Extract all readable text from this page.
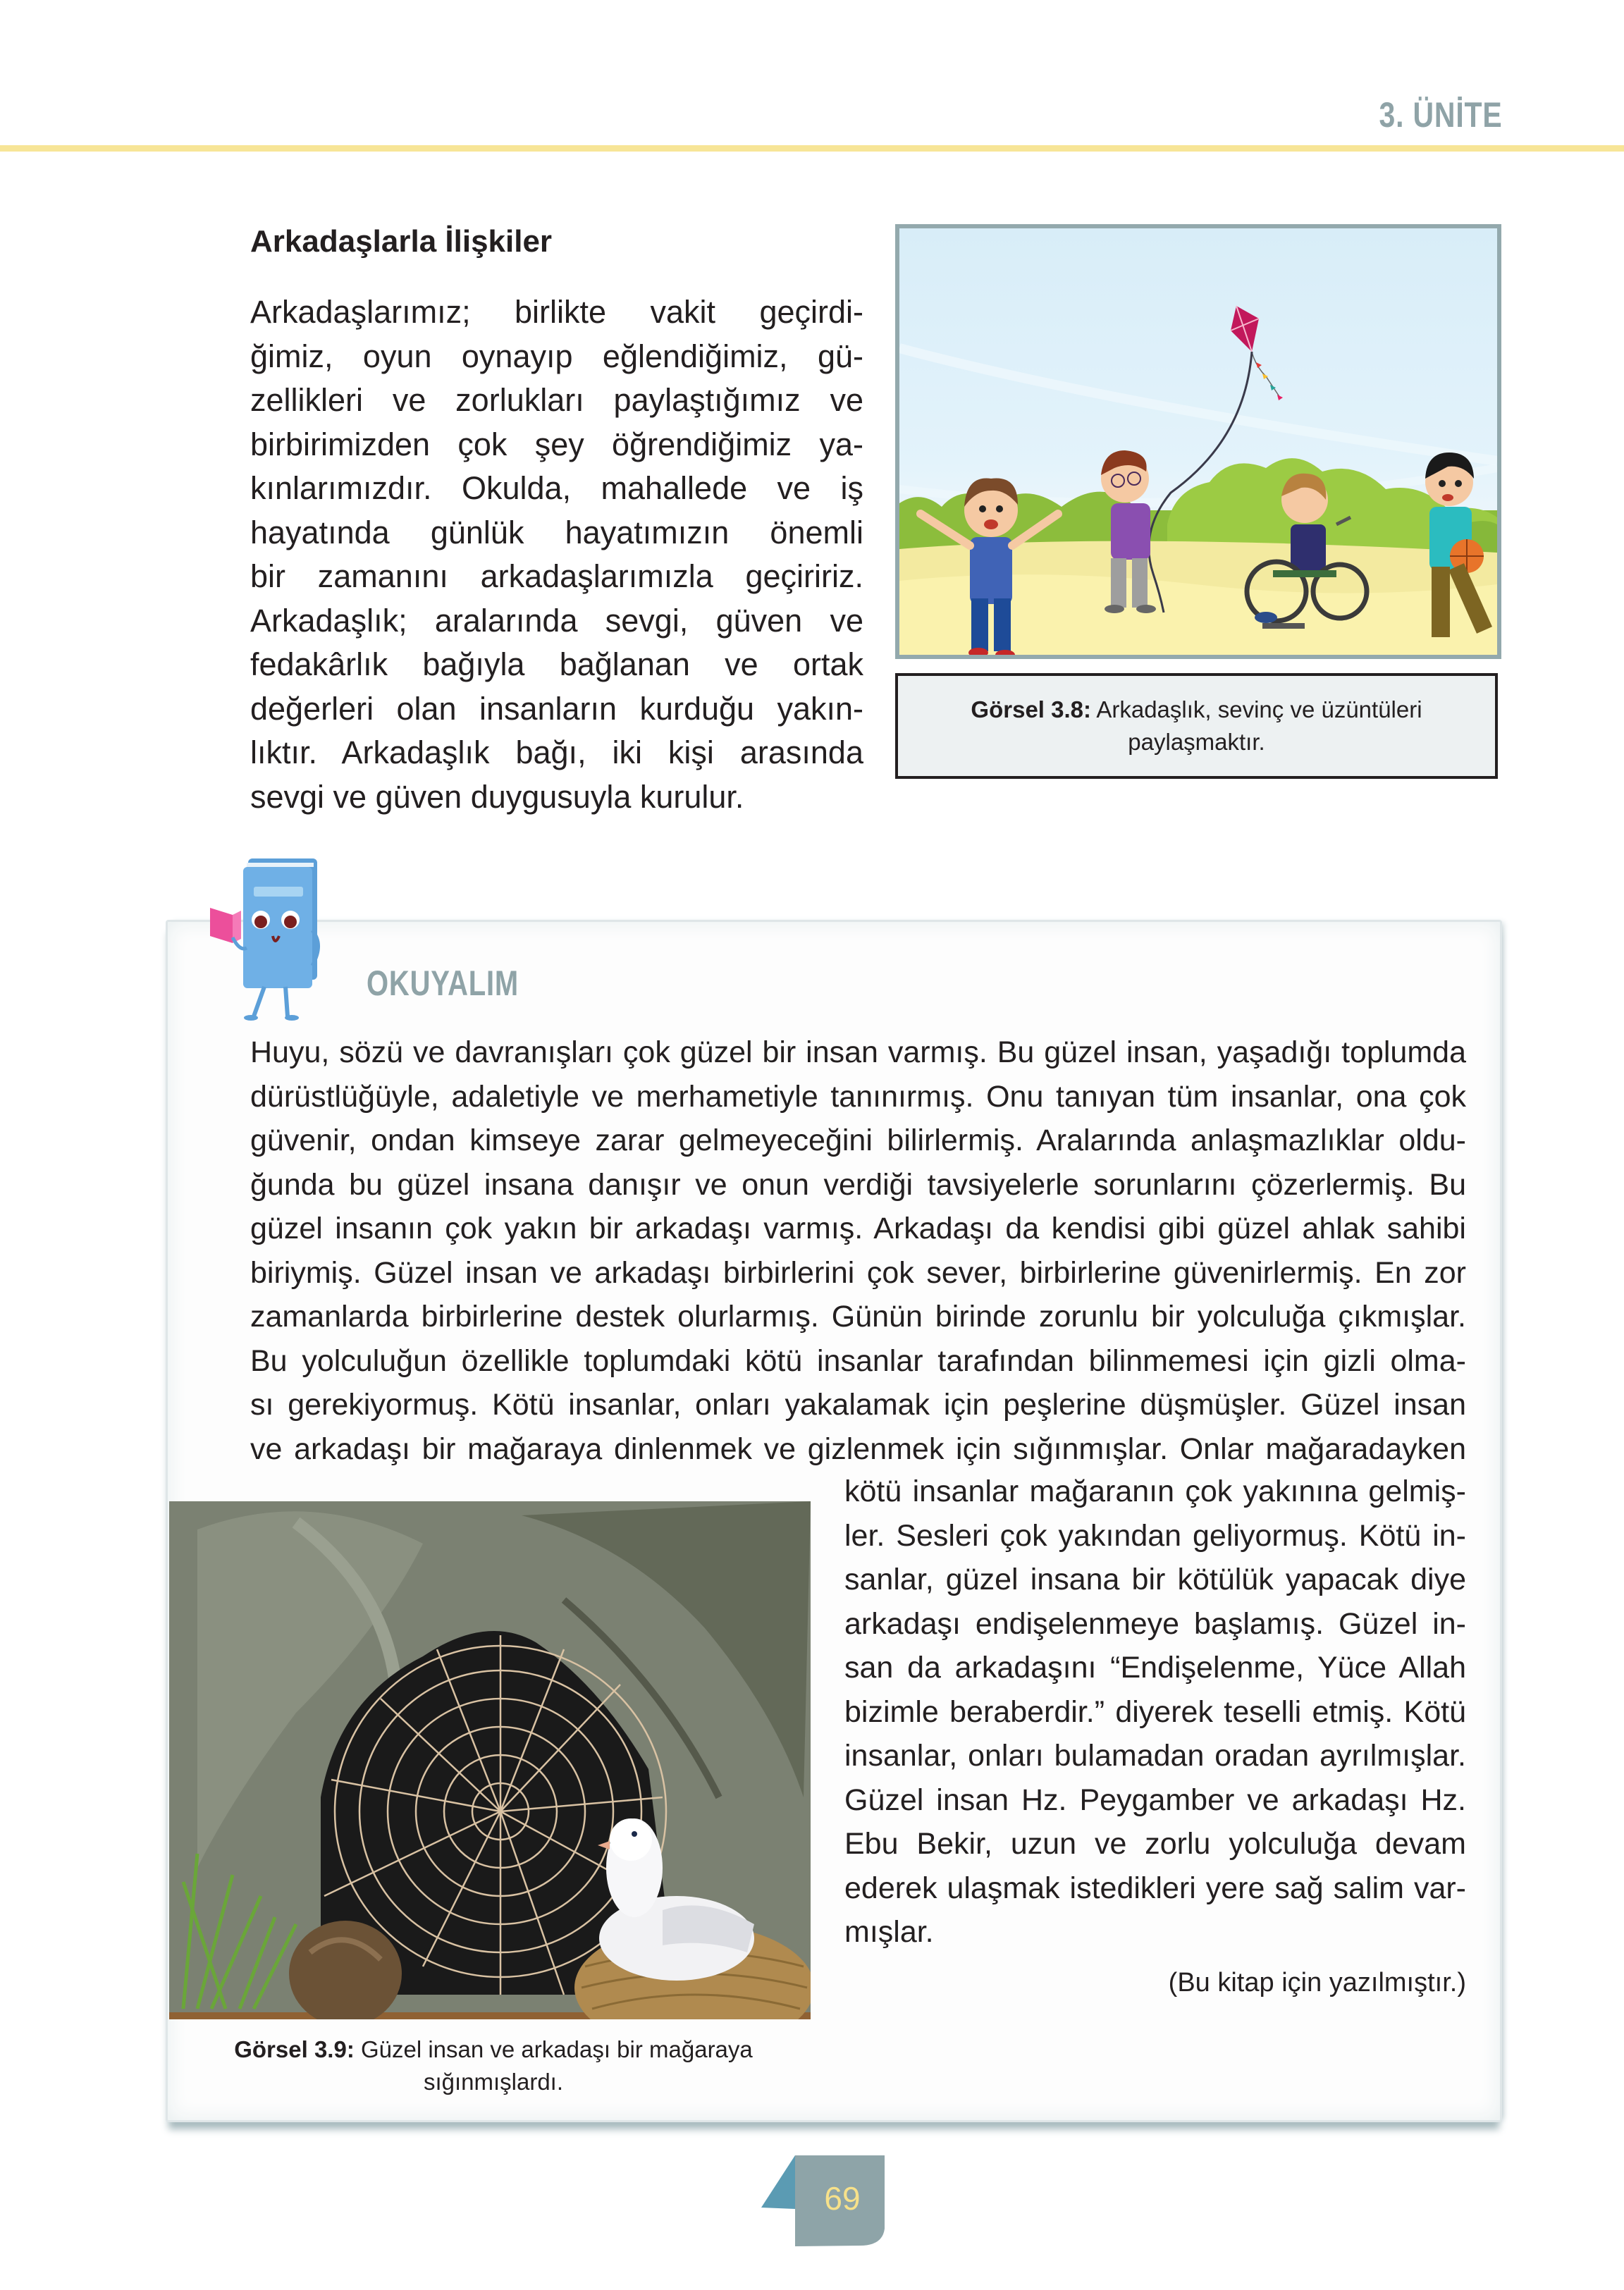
3. ÜNİTE
Arkadaşlarla İlişkiler
Arkadaşlarımız; birlikte vakit geçirdi-
ğimiz, oyun oynayıp eğlendiğimiz, gü-
zellikleri ve zorlukları paylaştığımız ve
birbirimizden çok şey öğrendiğimiz ya-
kınlarımızdır. Okulda, mahallede ve iş
hayatında günlük hayatımızın önemli
bir zamanını arkadaşlarımızla geçiririz.
Arkadaşlık; aralarında sevgi, güven ve
fedakârlık bağıyla bağlanan ve ortak
değerleri olan insanların kurduğu yakın-
lıktır. Arkadaşlık bağı, iki kişi arasında
sevgi ve güven duygusuyla kurulur.
Görsel 3.8: Arkadaşlık, sevinç ve üzüntüleri paylaşmaktır.
OKUYALIM
Huyu, sözü ve davranışları çok güzel bir insan varmış. Bu güzel insan, yaşadığı toplumda
dürüstlüğüyle, adaletiyle ve merhametiyle tanınırmış. Onu tanıyan tüm insanlar, ona çok
güvenir, ondan kimseye zarar gelmeyeceğini bilirlermiş. Aralarında anlaşmazlıklar oldu-
ğunda bu güzel insana danışır ve onun verdiği tavsiyelerle sorunlarını çözerlermiş. Bu
güzel insanın çok yakın bir arkadaşı varmış. Arkadaşı da kendisi gibi güzel ahlak sahibi
biriymiş. Güzel insan ve arkadaşı birbirlerini çok sever, birbirlerine güvenirlermiş. En zor
zamanlarda birbirlerine destek olurlarmış. Günün birinde zorunlu bir yolculuğa çıkmışlar.
Bu yolculuğun özellikle toplumdaki kötü insanlar tarafından bilinmemesi için gizli olma-
sı gerekiyormuş. Kötü insanlar, onları yakalamak için peşlerine düşmüşler. Güzel insan
ve arkadaşı bir mağaraya dinlenmek ve gizlenmek için sığınmışlar. Onlar mağaradayken
kötü insanlar mağaranın çok yakınına gelmiş-
ler. Sesleri çok yakından geliyormuş. Kötü in-
sanlar, güzel insana bir kötülük yapacak diye
arkadaşı endişelenmeye başlamış. Güzel in-
san da arkadaşını “Endişelenme, Yüce Allah
bizimle beraberdir.” diyerek teselli etmiş. Kötü
insanlar, onları bulamadan oradan ayrılmışlar.
Güzel insan Hz. Peygamber ve arkadaşı Hz.
Ebu Bekir, uzun ve zorlu yolculuğa devam
ederek ulaşmak istedikleri yere sağ salim var-
mışlar.
(Bu kitap için yazılmıştır.)
Görsel 3.9: Güzel insan ve arkadaşı bir mağaraya
sığınmışlardı.
69
